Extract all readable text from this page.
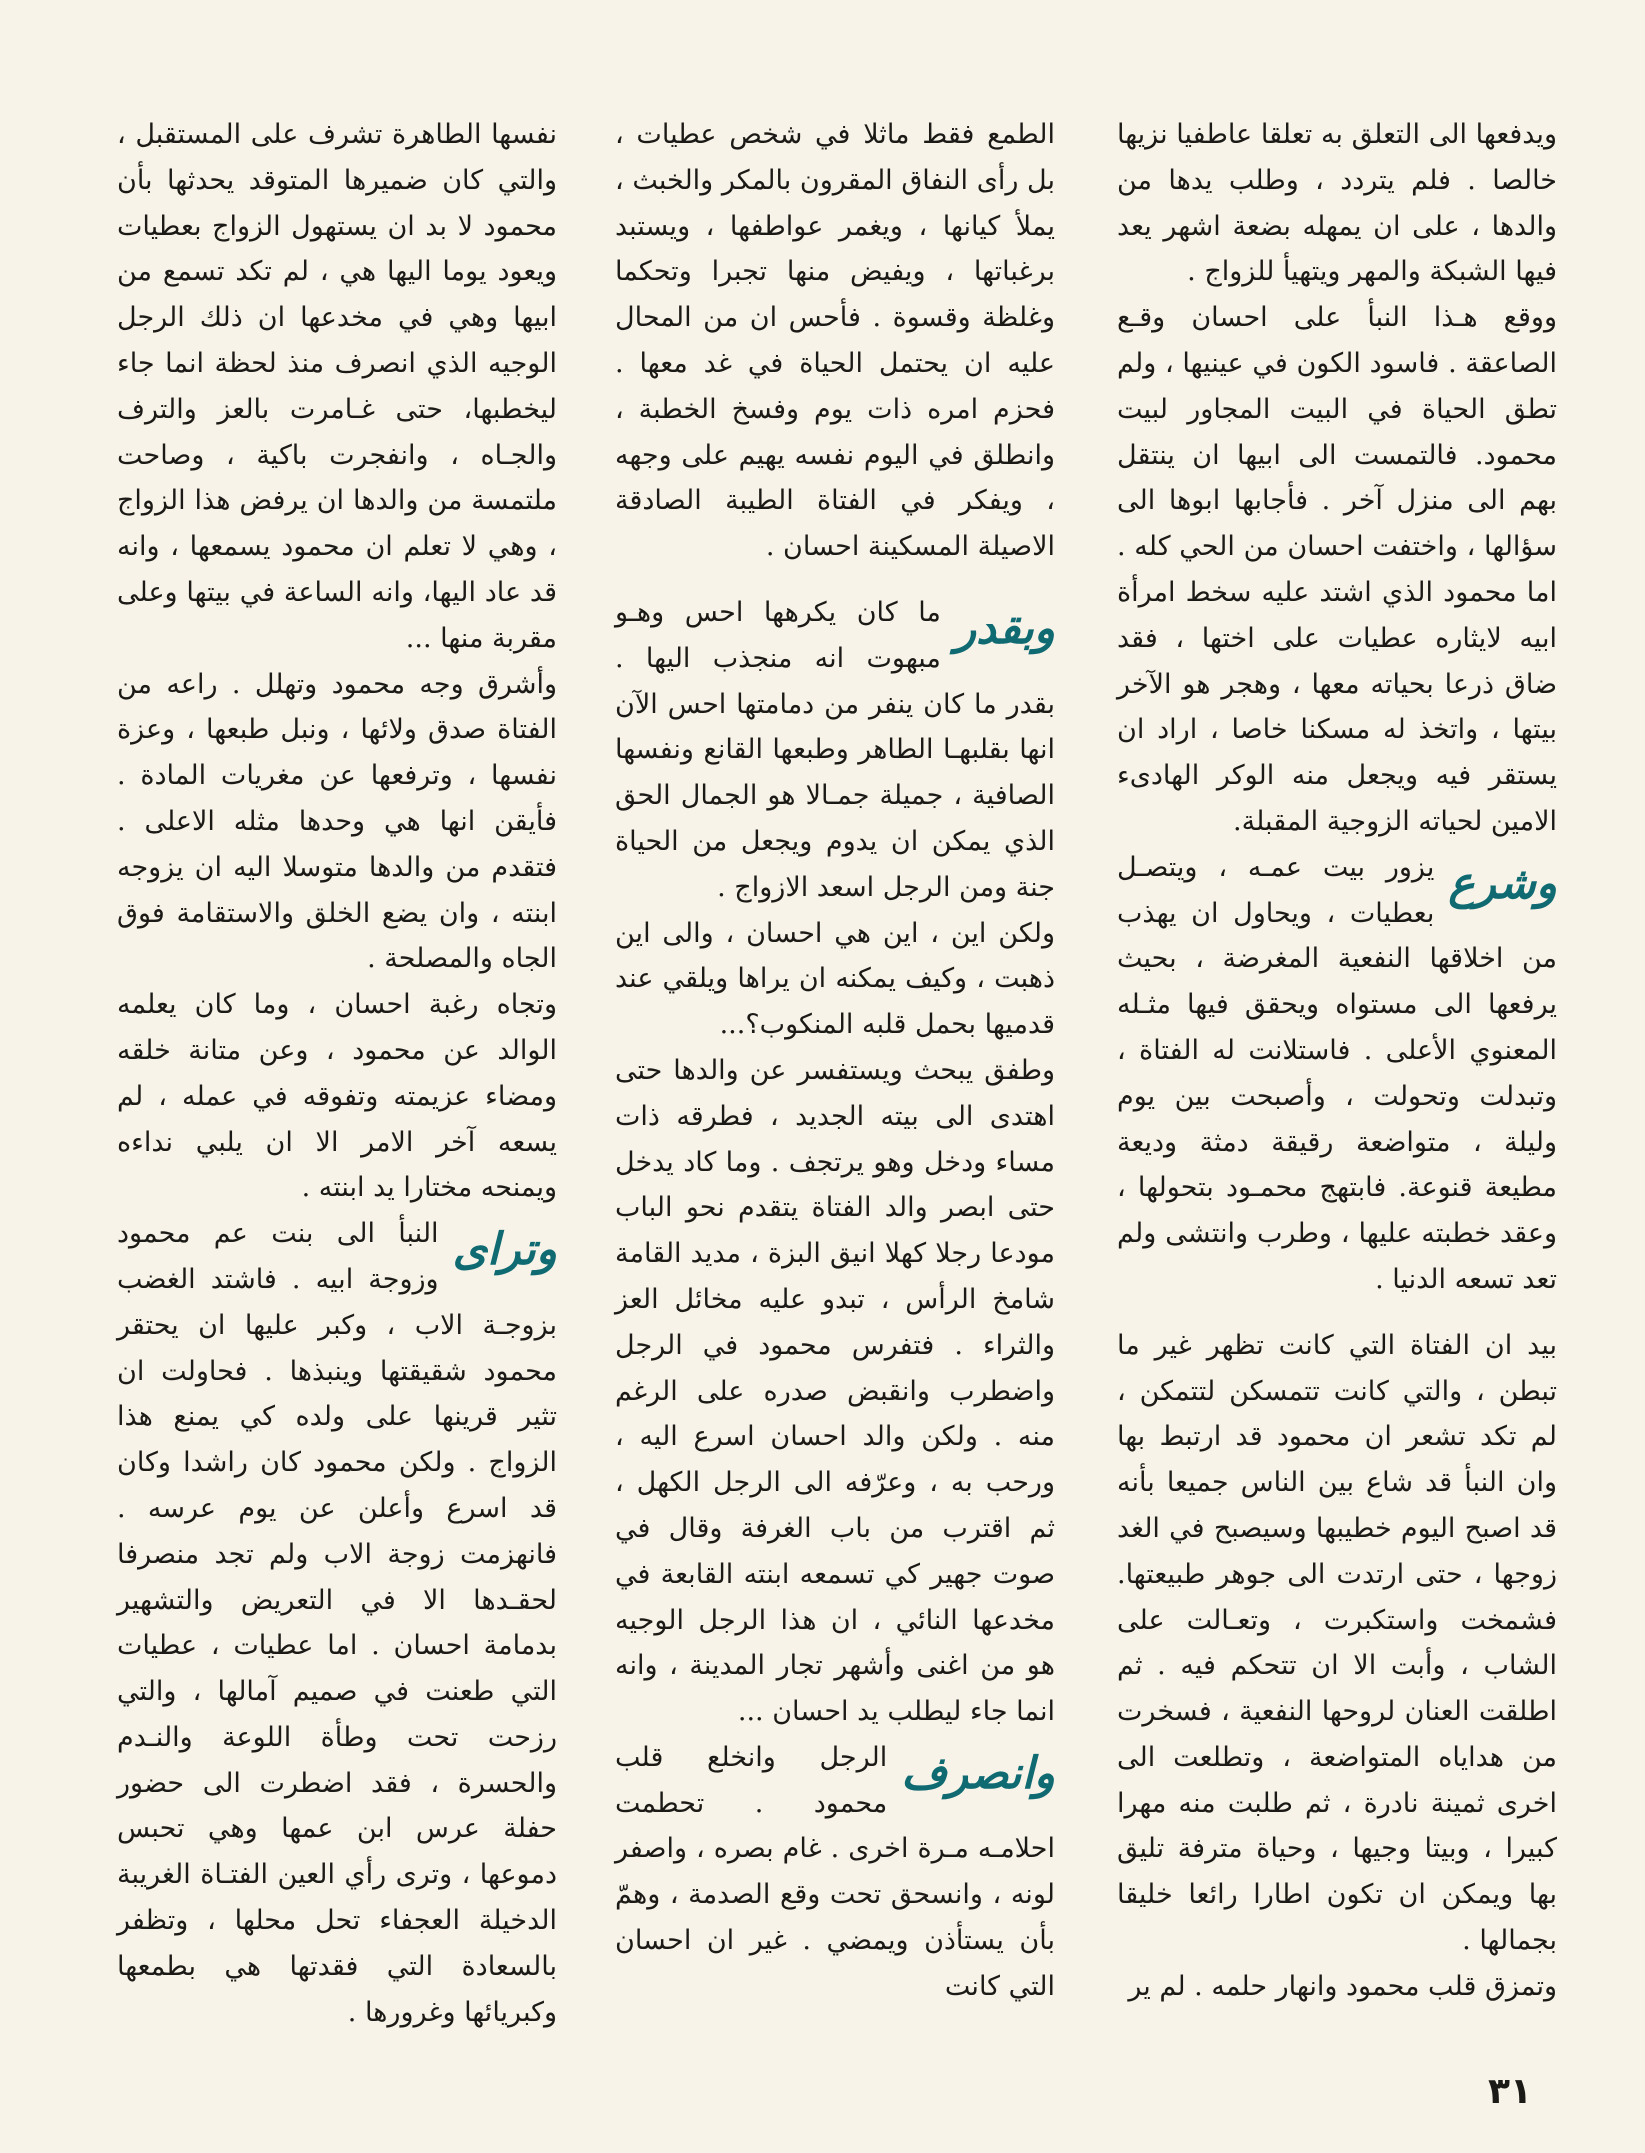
ويدفعها الى التعلق به تعلقا عاطفيا نزيها خالصا . فلم يتردد ، وطلب يدها من والدها ، على ان يمهله بضعة اشهر يعد فيها الشبكة والمهر ويتهيأ للزواج .

ووقع هـذا النبأ على احسان وقـع الصاعقة . فاسود الكون في عينيها ، ولم تطق الحياة في البيت المجاور لبيت محمود. فالتمست الى ابيها ان ينتقل بهم الى منزل آخر . فأجابها ابوها الى سؤالها ، واختفت احسان من الحي كله . اما محمود الذي اشتد عليه سخط امرأة ابيه لايثاره عطيات على اختها ، فقد ضاق ذرعا بحياته معها ، وهجر هو الآخر بيتها ، واتخذ له مسكنا خاصا ، اراد ان يستقر فيه ويجعل منه الوكر الهادىء الامين لحياته الزوجية المقبلة.

وشرع
يزور بيت عمـه ، ويتصـل بعطيات ، ويحاول ان يهذب من اخلاقها النفعية المغرضة ، بحيث يرفعها الى مستواه ويحقق فيها مثـله المعنوي الأعلى . فاستلانت له الفتاة ، وتبدلت وتحولت ، وأصبحت بين يوم وليلة ، متواضعة رقيقة دمثة وديعة مطيعة قنوعة. فابتهج محمـود بتحولها ، وعقد خطبته عليها ، وطرب وانتشى ولم تعد تسعه الدنيا .

بيد ان الفتاة التي كانت تظهر غير ما تبطن ، والتي كانت تتمسكن لتتمكن ، لم تكد تشعر ان محمود قد ارتبط بها وان النبأ قد شاع بين الناس جميعا بأنه قد اصبح اليوم خطيبها وسيصبح في الغد زوجها ، حتى ارتدت الى جوهر طبيعتها. فشمخت واستكبرت ، وتعـالت على الشاب ، وأبت الا ان تتحكم فيه . ثم اطلقت العنان لروحها النفعية ، فسخرت من هداياه المتواضعة ، وتطلعت الى اخرى ثمينة نادرة ، ثم طلبت منه مهرا كبيرا ، وبيتا وجيها ، وحياة مترفة تليق بها ويمكن ان تكون اطارا رائعا خليقا بجمالها .

وتمزق قلب محمود وانهار حلمه . لم ير

الطمع فقط ماثلا في شخص عطيات ، بل رأى النفاق المقرون بالمكر والخبث ، يملأ كيانها ، ويغمر عواطفها ، ويستبد برغباتها ، ويفيض منها تجبرا وتحكما وغلظة وقسوة . فأحس ان من المحال عليه ان يحتمل الحياة في غد معها . فحزم امره ذات يوم وفسخ الخطبة ، وانطلق في اليوم نفسه يهيم على وجهه ، ويفكر في الفتاة الطيبة الصادقة الاصيلة المسكينة احسان .

وبقدر
ما كان يكرهها احس وهـو مبهوت انه منجذب اليها . بقدر ما كان ينفر من دمامتها احس الآن انها بقلبهـا الطاهر وطبعها القانع ونفسها الصافية ، جميلة جمـالا هو الجمال الحق الذي يمكن ان يدوم ويجعل من الحياة جنة ومن الرجل اسعد الازواج .

ولكن اين ، اين هي احسان ، والى اين ذهبت ، وكيف يمكنه ان يراها ويلقي عند قدميها بحمل قلبه المنكوب؟...

وطفق يبحث ويستفسر عن والدها حتى اهتدى الى بيته الجديد ، فطرقه ذات مساء ودخل وهو يرتجف . وما كاد يدخل حتى ابصر والد الفتاة يتقدم نحو الباب مودعا رجلا كهلا انيق البزة ، مديد القامة شامخ الرأس ، تبدو عليه مخائل العز والثراء . فتفرس محمود في الرجل واضطرب وانقبض صدره على الرغم منه . ولكن والد احسان اسرع اليه ، ورحب به ، وعرّفه الى الرجل الكهل ، ثم اقترب من باب الغرفة وقال في صوت جهير كي تسمعه ابنته القابعة في مخدعها النائي ، ان هذا الرجل الوجيه هو من اغنى وأشهر تجار المدينة ، وانه انما جاء ليطلب يد احسان ...

وانصرف
الرجل وانخلع قلب محمود . تحطمت احلامـه مـرة اخرى . غام بصره ، واصفر لونه ، وانسحق تحت وقع الصدمة ، وهمّ بأن يستأذن ويمضي . غير ان احسان التي كانت

نفسها الطاهرة تشرف على المستقبل ، والتي كان ضميرها المتوقد يحدثها بأن محمود لا بد ان يستهول الزواج بعطيات ويعود يوما اليها هي ، لم تكد تسمع من ابيها وهي في مخدعها ان ذلك الرجل الوجيه الذي انصرف منذ لحظة انما جاء ليخطبها، حتى غـامرت بالعز والترف والجـاه ، وانفجرت باكية ، وصاحت ملتمسة من والدها ان يرفض هذا الزواج ، وهي لا تعلم ان محمود يسمعها ، وانه قد عاد اليها، وانه الساعة في بيتها وعلى مقربة منها ...

وأشرق وجه محمود وتهلل . راعه من الفتاة صدق ولائها ، ونبل طبعها ، وعزة نفسها ، وترفعها عن مغريات المادة . فأيقن انها هي وحدها مثله الاعلى . فتقدم من والدها متوسلا اليه ان يزوجه ابنته ، وان يضع الخلق والاستقامة فوق الجاه والمصلحة .

وتجاه رغبة احسان ، وما كان يعلمه الوالد عن محمود ، وعن متانة خلقه ومضاء عزيمته وتفوقه في عمله ، لم يسعه آخر الامر الا ان يلبي نداءه ويمنحه مختارا يد ابنته .

وتراى
النبأ الى بنت عم محمود وزوجة ابيه . فاشتد الغضب بزوجـة الاب ، وكبر عليها ان يحتقر محمود شقيقتها وينبذها . فحاولت ان تثير قرينها على ولده كي يمنع هذا الزواج . ولكن محمود كان راشدا وكان قد اسرع وأعلن عن يوم عرسه . فانهزمت زوجة الاب ولم تجد منصرفا لحقـدها الا في التعريض والتشهير بدمامة احسان . اما عطيات ، عطيات التي طعنت في صميم آمالها ، والتي رزحت تحت وطأة اللوعة والنـدم والحسرة ، فقد اضطرت الى حضور حفلة عرس ابن عمها وهي تحبس دموعها ، وترى رأي العين الفتـاة الغريبة الدخيلة العجفاء تحل محلها ، وتظفر بالسعادة التي فقدتها هي بطمعها وكبريائها وغرورها .

٣١
